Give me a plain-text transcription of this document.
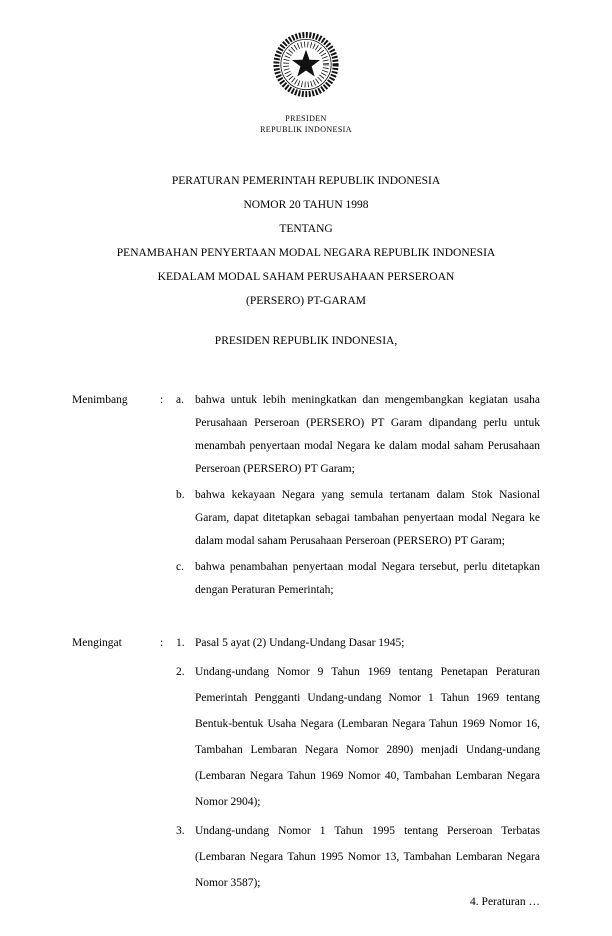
PRESIDEN
REPUBLIK INDONESIA
PERATURAN PEMERINTAH REPUBLIK INDONESIA
NOMOR 20 TAHUN 1998
TENTANG
PENAMBAHAN PENYERTAAN MODAL NEGARA REPUBLIK INDONESIA
KEDALAM MODAL SAHAM PERUSAHAAN PERSEROAN
(PERSERO) PT-GARAM
PRESIDEN REPUBLIK INDONESIA,
Menimbang	:	a. bahwa untuk lebih meningkatkan dan mengembangkan kegiatan usaha Perusahaan Perseroan (PERSERO) PT Garam dipandang perlu untuk menambah penyertaan modal Negara ke dalam modal saham Perusahaan Perseroan (PERSERO) PT Garam;
b. bahwa kekayaan Negara yang semula tertanam dalam Stok Nasional Garam, dapat ditetapkan sebagai tambahan penyertaan modal Negara ke dalam modal saham Perusahaan Perseroan (PERSERO) PT Garam;
c. bahwa penambahan penyertaan modal Negara tersebut, perlu ditetapkan dengan Peraturan Pemerintah;
Mengingat	:	1. Pasal 5 ayat (2) Undang-Undang Dasar 1945;
2. Undang-undang Nomor 9 Tahun 1969 tentang Penetapan Peraturan Pemerintah Pengganti Undang-undang Nomor 1 Tahun 1969 tentang Bentuk-bentuk Usaha Negara (Lembaran Negara Tahun 1969 Nomor 16, Tambahan Lembaran Negara Nomor 2890) menjadi Undang-undang (Lembaran Negara Tahun 1969 Nomor 40, Tambahan Lembaran Negara Nomor 2904);
3. Undang-undang Nomor 1 Tahun 1995 tentang Perseroan Terbatas (Lembaran Negara Tahun 1995 Nomor 13, Tambahan Lembaran Negara Nomor 3587);
4. Peraturan …
